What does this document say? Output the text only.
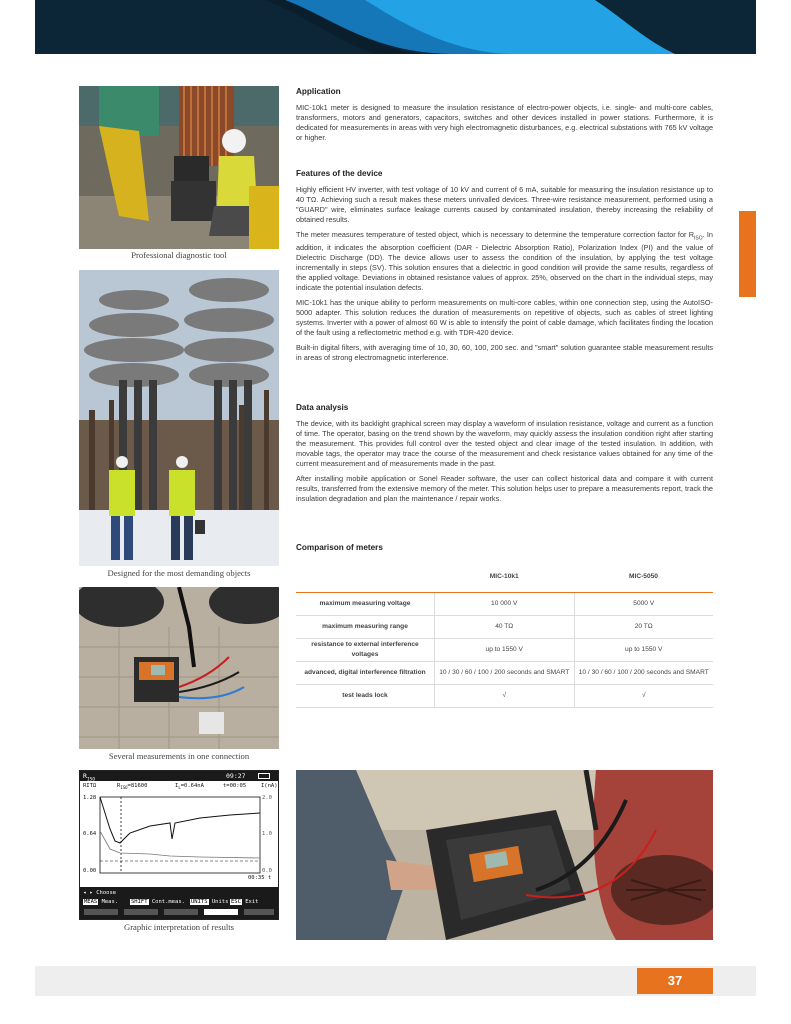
Professional diagnostic tool
Designed for the most demanding objects
Several measurements in one connection
$R_{ISO}$	09:27
RITΩ	$R_{ISO}=81600$	$I_L=0.64nA$	t=00:05	I(nA)
1.28
0.64
0.00
2.0
1.0
0.0
00:35 t
◂ ▸ Choose
MEAS Meas. SHIFT Cont.meas. UNITS Units ESC Exit
Graphic interpretation of results
Application

MIC-10k1 meter is designed to measure the insulation resistance of electro-power objects, i.e. single- and multi-core cables, transformers, motors and generators, capacitors, switches and other devices installed in power stations. Furthermore, it is dedicated for measurements in areas with very high electromagnetic disturbances, e.g. electrical substations with 765 kV voltage or higher.

Features of the device

Highly efficient HV inverter, with test voltage of 10 kV and current of 6 mA, suitable for measuring the insulation resistance up to 40 TΩ. Achieving such a result makes these meters unrivalled devices. Three-wire resistance measurement, performed using a "GUARD" wire, eliminates surface leakage currents caused by contaminated insulation, thereby increasing the reliability of obtained results.

The meter measures temperature of tested object, which is necessary to determine the temperature correction factor for $R_{ISO}$. In addition, it indicates the absorption coefficient (DAR - Dielectric Absorption Ratio), Polarization Index (PI) and the value of Dielectric Discharge (DD). The device allows user to assess the condition of the insulation, by applying the test voltage incrementally in steps (SV). This solution ensures that a dielectric in good condition will provide the same results, regardless of the applied voltage. Deviations in obtained resistance values of approx. 25%, observed on the chart in the individual steps, may indicate the potential insulation defects.

MIC-10k1 has the unique ability to perform measurements on multi-core cables, within one connection step, using the AutoISO-5000 adapter. This solution reduces the duration of measurements on repetitive of objects, such as cables of street lighting systems. Inverter with a power of almost 60 W is able to intensify the point of cable damage, which facilitates finding the location of the fault using a reflectometric method e.g. with TDR-420 device.

Built-in digital filters, with averaging time of 10, 30, 60, 100, 200 sec. and "smart" solution guarantee stable measurement results in areas of strong electromagnetic interference.

Data analysis

The device, with its backlight graphical screen may display a waveform of insulation resistance, voltage and current as a function of time. The operator, basing on the trend shown by the waveform, may quickly assess the insulation condition right after starting the measurement. This provides full control over the tested object and clear image of the tested insulation. In addition, with movable tags, the operator may trace the course of the measurement and check resistance values obtained for any time of the current measurement and of measurements made in the past.

After installing mobile application or Sonel Reader software, the user can collect historical data and compare it with current results, transferred from the extensive memory of the meter. This solution helps user to prepare a measurements report, track the insulation degradation and plan the maintenance / repair works.

Comparison of meters
	MIC-10k1	MIC-5050
maximum measuring voltage	10 000 V	5000 V
maximum measuring range	40 TΩ	20 TΩ
resistance to external interference voltages	up to 1550 V	up to 1550 V
advanced, digital interference filtration	10 / 30 / 60 / 100 / 200 seconds and SMART	10 / 30 / 60 / 100 / 200 seconds and SMART
test leads lock	√	√
37
